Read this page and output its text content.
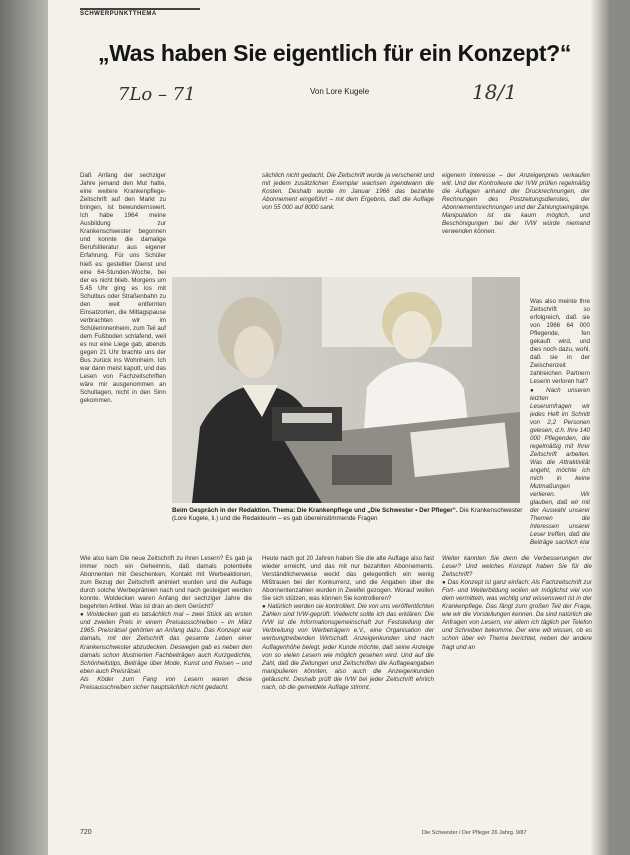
SCHWERPUNKTTHEMA
„Was haben Sie eigentlich für ein Konzept?“
7Lo – 71	Von Lore Kugele	18/1

Daß Anfang der sechziger Jahre jemand den Mut hatte, eine weitere Krankenpflege-Zeitschrift auf den Markt zu bringen, ist bewundernswert. Ich habe 1964 meine Ausbildung zur Krankenschwester begonnen und konnte die damalige Berufsliteratur aus eigener Erfahrung. Für uns Schüler hieß es: gestellter Dienst und eine 64-Stunden-Woche, bei der es nicht blieb. Morgens um 5.45 Uhr ging es los mit Schulbus oder Straßenbahn zu den weit entfernten Einsatzorten, die Mittagspause verbrachten wir im Schülerinnenheim, zum Teil auf dem Fußboden schlafend, weil es nur eine Liege gab, abends gegen 21 Uhr brachte uns der Bus zurück ins Wohnheim. Ich war dann meist kaputt, und das Lesen von Fachzeitschriften wäre mir ausgenommen an Schultagen, nicht in den Sinn gekommen.

Wie also kam Die neue Zeitschrift zu ihren Lesern? Es gab ja immer noch ein Geheimnis, daß damals potentielle Abonnenten mit Geschenken, Kontakt mit Werbeaktionen, zum Bezug der Zeitschrift animiert wurden und die Auflage durch solche Werbeprämien nach und nach gesteigert werden konnte. Woldecken waren Anfang der sechziger Jahre die begehrten Artikel. Was ist dran an dem Gerücht?

● Woldecken gab es tatsächlich mal – zwei Stück als ersten und zweiten Preis in einem Preisausschreiben – im März 1965. Preisrätsel gehörten an Anfang dazu. Das Konzept war damals, mit der Zeitschrift das gesamte Leben einer Krankenschwester abzudecken. Deswegen gab es neben den damals schon illustrierten Fachbeiträgen auch Kurzgedichte, Schönheitstips, Beiträge über Mode, Kunst und Reisen – und eben auch Preisrätsel.

Als Köder zum Fang von Lesern waren diese Preisausschreiben sicher hauptsächlich nicht gedacht.

sächlich nicht gedacht. Die Zeitschrift wurde ja verschenkt und mit jedem zusätzlichen Exemplar wachsen irgendwann die Kosten. Deshalb wurde im Januar 1966 das bezahlte Abonnement eingeführt – mit dem Ergebnis, daß die Auflage von 55 000 auf 8000 sank.

Heute nach gut 20 Jahren haben Sie die alte Auflage also fast wieder erreicht, und das mit nur bezahlten Abonnements. Verständlicherweise weckt das gelegentlich ein wenig Mißtrauen bei der Konkurrenz, und die Angaben über die Abonnentenzahlen wurden in Zweifel gezogen. Worauf wollen Sie sich stützen, was können Sie kontrollieren?

● Natürlich werden sie kontrolliert. Die von uns veröffentlichten Zahlen sind IVW-geprüft. Vielleicht sollte ich das erklären: Die IVW ist die Informationsgemeinschaft zur Feststellung der Verbreitung von Werbeträgern e.V., eine Organisation der werbungtreibenden Wirtschaft. Anzeigenkunden sind nach Auflagenhöhe belegt, jeder Kunde möchte, daß seine Anzeige von so vielen Lesern wie möglich gesehen wird. Und auf die Zahl, daß die Zeitungen und Zeitschriften die Auflageangaben manipulieren könnten, also auch die Anzeigenkunden getäuscht. Deshalb prüft die IVW bei jeder Zeitschrift ehrlich nach, ob die gemeldete Auflage stimmt.

eigenem Interesse – der Anzeigenpreis verkaufen will. Und der Kontrolleure der IVW prüfen regelmäßig die Auflagen anhand der Druckrechnungen, der Rechnungen des Postzeitungsdienstes, der Abonnementsrechnungen und der Zahlungseingänge. Manipulation ist da kaum möglich, und Beschönigungen bei der IVW würde niemand verwenden können.

Was also meinte Ihre Zeitschrift so erfolgreich, daß sie von 1966 64 000 Pflegende, fen gekauft wird, und dies noch dazu, wohl, daß sie in der Zwischenzeit zahlreichen Partnern Leserin verloren hat?

● Nach unseren letzten Leserumfragen wir jedes Heft im Schnitt von 2,2 Personen gelesen, d.h. Ihre 140 000 Pflegenden, die regelmäßig mit Ihrer Zeitschrift arbeiten. Was die Attraktivität angeht, möchte ich mich in keine Mutmaßungen verlieren. Wir glauben, daß wir mit der Auswahl unserer Themen die Interessen unserer Leser treffen, daß die Beiträge sachlich klar

Weiter kannten Sie denn die Verbesserungen der Leser? Und welches Konzept haben Sie für die Zeitschrift?

● Das Konzept ist ganz einfach: Als Fachzeitschrift zur Fort- und Weiterbildung wollen wir möglichst viel von dem vermitteln, was wichtig und wissenswert ist in der Krankenpflege. Das fängt zum großen Teil der Frage, wie wir die Vorstellungen kennen. Da sind natürlich die Anfragen von Lesern, vor allem ich täglich per Telefon und Schreiben bekomme. Der eine will wissen, ob es schon über ein Thema berichtet, neben der andere fragt und an

Beim Gespräch in der Redaktion. Thema: Die Krankenpflege und „Die Schwester • Der Pfleger“. Die Krankenschwester (Lore Kugele, li.) und die Redakteurin – es gab übereinstimmende Fragen
720	Die Schwester / Der Pfleger 26 Jahrg. 9/87
